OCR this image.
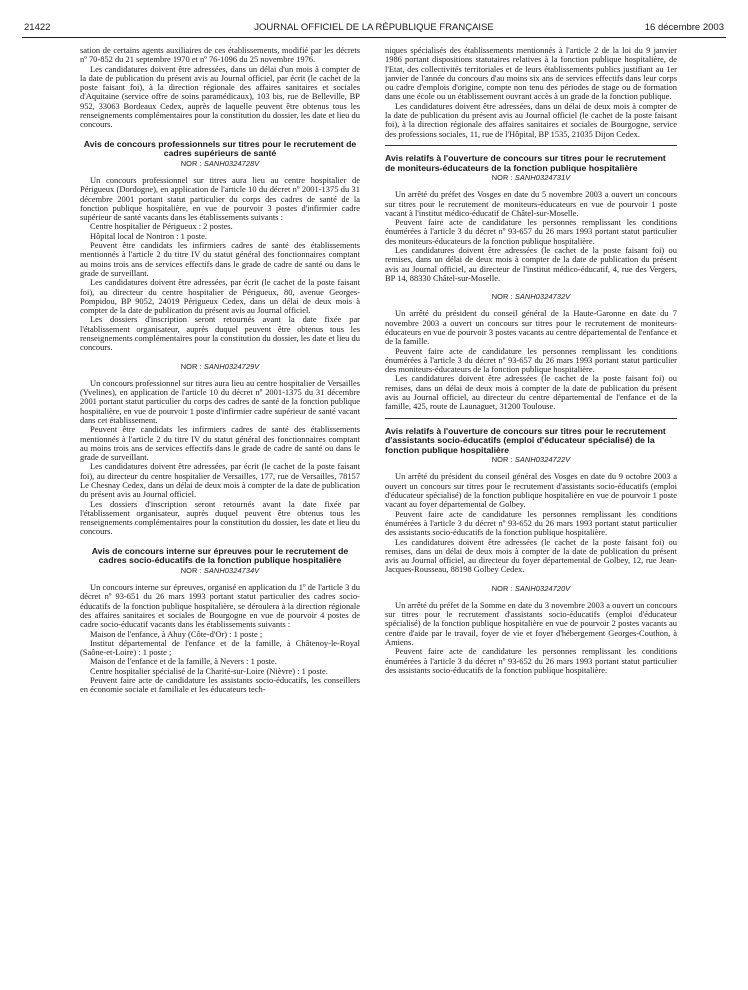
21422	JOURNAL OFFICIEL DE LA RÉPUBLIQUE FRANÇAISE	16 décembre 2003

sation de certains agents auxiliaires de ces établissements, modifié par les décrets nº 70-852 du 21 septembre 1970 et nº 76-1096 du 25 novembre 1976.

Les candidatures doivent être adressées, dans un délai d'un mois à compter de la date de publication du présent avis au Journal officiel, par écrit (le cachet de la poste faisant foi), à la direction régionale des affaires sanitaires et sociales d'Aquitaine (service offre de soins paramédicaux), 103 bis, rue de Belleville, BP 952, 33063 Bordeaux Cedex, auprès de laquelle peuvent être obtenus tous les renseignements complémentaires pour la constitution du dossier, les date et lieu du concours.

Avis de concours professionnels sur titres pour le recrutement de cadres supérieurs de santé
NOR : SANH0324728V

Un concours professionnel sur titres aura lieu au centre hospitalier de Périgueux (Dordogne), en application de l'article 10 du décret nº 2001-1375 du 31 décembre 2001 portant statut particulier du corps des cadres de santé de la fonction publique hospitalière, en vue de pourvoir 3 postes d'infirmier cadre supérieur de santé vacants dans les établissements suivants :

Centre hospitalier de Périgueux : 2 postes.

Hôpital local de Nontron : 1 poste.

Peuvent être candidats les infirmiers cadres de santé des établissements mentionnés à l'article 2 du titre IV du statut général des fonctionnaires comptant au moins trois ans de services effectifs dans le grade de cadre de santé ou dans le grade de surveillant.

Les candidatures doivent être adressées, par écrit (le cachet de la poste faisant foi), au directeur du centre hospitalier de Périgueux, 80, avenue Georges-Pompidou, BP 9052, 24019 Périgueux Cedex, dans un délai de deux mois à compter de la date de publication du présent avis au Journal officiel.

Les dossiers d'inscription seront retournés avant la date fixée par l'établissement organisateur, auprès duquel peuvent être obtenus tous les renseignements complémentaires pour la constitution du dossier, les date et lieu du concours.

NOR : SANH0324729V

Un concours professionnel sur titres aura lieu au centre hospitalier de Versailles (Yvelines), en application de l'article 10 du décret nº 2001-1375 du 31 décembre 2001 portant statut particulier du corps des cadres de santé de la fonction publique hospitalière, en vue de pourvoir 1 poste d'infirmier cadre supérieur de santé vacant dans cet établissement.

Peuvent être candidats les infirmiers cadres de santé des établissements mentionnés à l'article 2 du titre IV du statut général des fonctionnaires comptant au moins trois ans de services effectifs dans le grade de cadre de santé ou dans le grade de surveillant.

Les candidatures doivent être adressées, par écrit (le cachet de la poste faisant foi), au directeur du centre hospitalier de Versailles, 177, rue de Versailles, 78157 Le Chesnay Cedex, dans un délai de deux mois à compter de la date de publication du présent avis au Journal officiel.

Les dossiers d'inscription seront retournés avant la date fixée par l'établissement organisateur, auprès duquel peuvent être obtenus tous les renseignements complémentaires pour la constitution du dossier, les date et lieu du concours.

Avis de concours interne sur épreuves pour le recrutement de cadres socio-éducatifs de la fonction publique hospitalière
NOR : SANH0324734V

Un concours interne sur épreuves, organisé en application du 1º de l'article 3 du décret nº 93-651 du 26 mars 1993 portant statut particulier des cadres socio-éducatifs de la fonction publique hospitalière, se déroulera à la direction régionale des affaires sanitaires et sociales de Bourgogne en vue de pourvoir 4 postes de cadre socio-éducatif vacants dans les établissements suivants :

Maison de l'enfance, à Ahuy (Côte-d'Or) : 1 poste ;

Institut départemental de l'enfance et de la famille, à Châtenoy-le-Royal (Saône-et-Loire) : 1 poste ;

Maison de l'enfance et de la famille, à Nevers : 1 poste.

Centre hospitalier spécialisé de la Charité-sur-Loire (Nièvre) : 1 poste.

Peuvent faire acte de candidature les assistants socio-éducatifs, les conseillers en économie sociale et familiale et les éducateurs tech-

niques spécialisés des établissements mentionnés à l'article 2 de la loi du 9 janvier 1986 portant dispositions statutaires relatives à la fonction publique hospitalière, de l'Etat, des collectivités territoriales et de leurs établissements publics justifiant au 1er janvier de l'année du concours d'au moins six ans de services effectifs dans leur corps ou cadre d'emplois d'origine, compte non tenu des périodes de stage ou de formation dans une école ou un établissement ouvrant accès à un grade de la fonction publique.

Les candidatures doivent être adressées, dans un délai de deux mois à compter de la date de publication du présent avis au Journal officiel (le cachet de la poste faisant foi), à la direction régionale des affaires sanitaires et sociales de Bourgogne, service des professions sociales, 11, rue de l'Hôpital, BP 1535, 21035 Dijon Cedex.

Avis relatifs à l'ouverture de concours sur titres pour le recrutement de moniteurs-éducateurs de la fonction publique hospitalière
NOR : SANH0324731V

Un arrêté du préfet des Vosges en date du 5 novembre 2003 a ouvert un concours sur titres pour le recrutement de moniteurs-éducateurs en vue de pourvoir 1 poste vacant à l'institut médico-éducatif de Châtel-sur-Moselle.

Peuvent faire acte de candidature les personnes remplissant les conditions énumérées à l'article 3 du décret nº 93-657 du 26 mars 1993 portant statut particulier des moniteurs-éducateurs de la fonction publique hospitalière.

Les candidatures doivent être adressées (le cachet de la poste faisant foi) ou remises, dans un délai de deux mois à compter de la date de publication du présent avis au Journal officiel, au directeur de l'institut médico-éducatif, 4, rue des Vergers, BP 14, 88330 Châtel-sur-Moselle.

NOR : SANH0324732V

Un arrêté du président du conseil général de la Haute-Garonne en date du 7 novembre 2003 a ouvert un concours sur titres pour le recrutement de moniteurs-éducateurs en vue de pourvoir 3 postes vacants au centre départemental de l'enfance et de la famille.

Peuvent faire acte de candidature les personnes remplissant les conditions énumérées à l'article 3 du décret nº 93-657 du 26 mars 1993 portant statut particulier des moniteurs-éducateurs de la fonction publique hospitalière.

Les candidatures doivent être adressées (le cachet de la poste faisant foi) ou remises, dans un délai de deux mois à compter de la date de publication du présent avis au Journal officiel, au directeur du centre départemental de l'enfance et de la famille, 425, route de Launaguet, 31200 Toulouse.

Avis relatifs à l'ouverture de concours sur titres pour le recrutement d'assistants socio-éducatifs (emploi d'éducateur spécialisé) de la fonction publique hospitalière
NOR : SANH0324722V

Un arrêté du président du conseil général des Vosges en date du 9 octobre 2003 a ouvert un concours sur titres pour le recrutement d'assistants socio-éducatifs (emploi d'éducateur spécialisé) de la fonction publique hospitalière en vue de pourvoir 1 poste vacant au foyer départemental de Golbey.

Peuvent faire acte de candidature les personnes remplissant les conditions énumérées à l'article 3 du décret nº 93-652 du 26 mars 1993 portant statut particulier des assistants socio-éducatifs de la fonction publique hospitalière.

Les candidatures doivent être adressées (le cachet de la poste faisant foi) ou remises, dans un délai de deux mois à compter de la date de publication du présent avis au Journal officiel, au directeur du foyer départemental de Golbey, 12, rue Jean-Jacques-Rousseau, 88198 Golbey Cedex.

NOR : SANH0324720V

Un arrêté du préfet de la Somme en date du 3 novembre 2003 a ouvert un concours sur titres pour le recrutement d'assistants socio-éducatifs (emploi d'éducateur spécialisé) de la fonction publique hospitalière en vue de pourvoir 2 postes vacants au centre d'aide par le travail, foyer de vie et foyer d'hébergement Georges-Couthon, à Amiens.

Peuvent faire acte de candidature les personnes remplissant les conditions énumérées à l'article 3 du décret nº 93-652 du 26 mars 1993 portant statut particulier des assistants socio-éducatifs de la fonction publique hospitalière.
